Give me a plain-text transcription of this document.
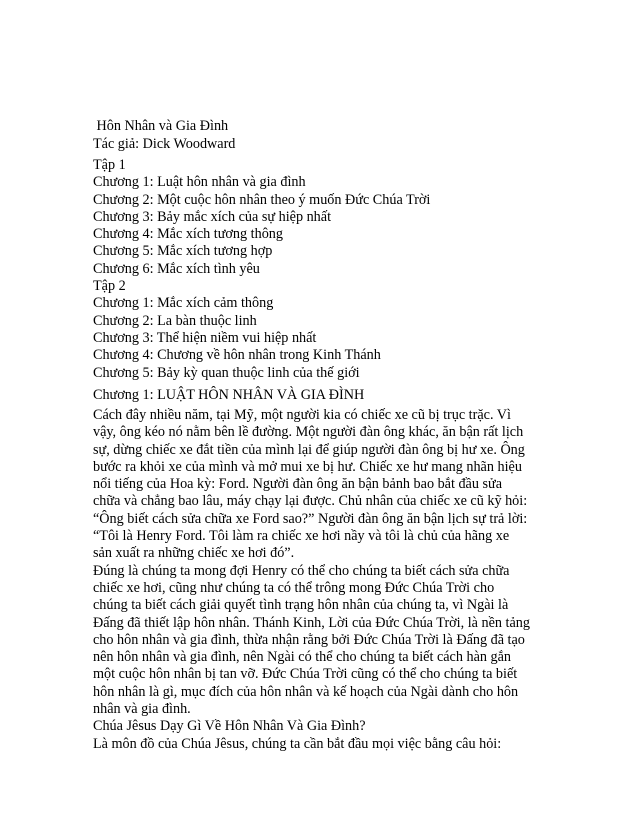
Hôn Nhân và Gia Đình
Tác giả: Dick Woodward
Tập 1
Chương 1: Luật hôn nhân và gia đình
Chương 2: Một cuộc hôn nhân theo ý muốn Đức Chúa Trời
Chương 3: Bảy mắc xích của sự hiệp nhất
Chương 4: Mắc xích tương thông
Chương 5: Mắc xích tương hợp
Chương 6: Mắc xích tình yêu
Tập 2
Chương 1: Mắc xích cảm thông
Chương 2: La bàn thuộc linh
Chương 3: Thể hiện niềm vui hiệp nhất
Chương 4: Chương về hôn nhân trong Kinh Thánh
Chương 5: Bảy kỳ quan thuộc linh của thế giới
Chương 1: LUẬT HÔN NHÂN VÀ GIA ĐÌNH
Cách đây nhiều năm, tại Mỹ, một người kia có chiếc xe cũ bị trục trặc. Vì
vậy, ông kéo nó nằm bên lề đường. Một người đàn ông khác, ăn bận rất lịch
sự, dừng chiếc xe đắt tiền của mình lại để giúp người đàn ông bị hư xe. Ông
bước ra khỏi xe của mình và mở mui xe bị hư. Chiếc xe hư mang nhãn hiệu
nổi tiếng của Hoa kỳ: Ford. Người đàn ông ăn bận bảnh bao bắt đầu sửa
chữa và chẳng bao lâu, máy chạy lại được. Chủ nhân của chiếc xe cũ kỹ hỏi:
“Ông biết cách sửa chữa xe Ford sao?” Người đàn ông ăn bận lịch sự trả lời:
“Tôi là Henry Ford. Tôi làm ra chiếc xe hơi nầy và tôi là chủ của hãng xe
sản xuất ra những chiếc xe hơi đó”.
Đúng là chúng ta mong đợi Henry có thể cho chúng ta biết cách sửa chữa
chiếc xe hơi, cũng như chúng ta có thể trông mong Đức Chúa Trời cho
chúng ta biết cách giải quyết tình trạng hôn nhân của chúng ta, vì Ngài là
Đấng đã thiết lập hôn nhân. Thánh Kinh, Lời của Đức Chúa Trời, là nền tảng
cho hôn nhân và gia đình, thừa nhận rằng bởi Đức Chúa Trời là Đấng đã tạo
nên hôn nhân và gia đình, nên Ngài có thể cho chúng ta biết cách hàn gắn
một cuộc hôn nhân bị tan vỡ. Đức Chúa Trời cũng có thể cho chúng ta biết
hôn nhân là gì, mục đích của hôn nhân và kế hoạch của Ngài dành cho hôn
nhân và gia đình.
Chúa Jêsus Dạy Gì Về Hôn Nhân Và Gia Đình?
Là môn đồ của Chúa Jêsus, chúng ta cần bắt đầu mọi việc bằng câu hỏi:
